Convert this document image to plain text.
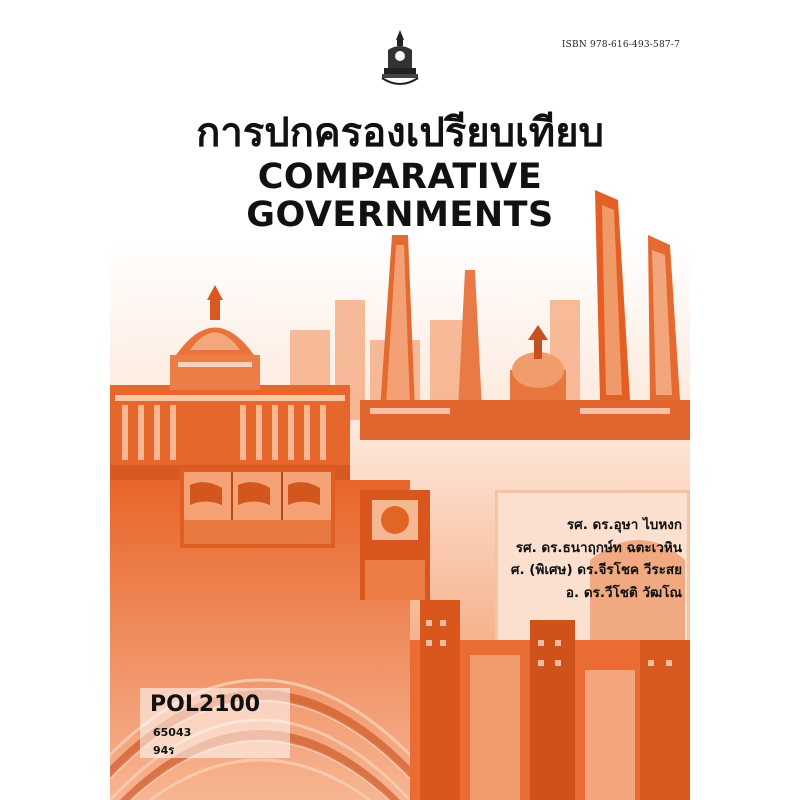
ISBN 978-616-493-587-7
การปกครองเปรียบเทียบ
COMPARATIVE
GOVERNMENTS
รศ. ดร.อุษา ไบหงก
รศ. ดร.ธนาฤกษ์ท ฉตะเวหิน
ศ. (พิเศษ) ดร.จีรโชค วีระสย
อ. ดร.วีโชติ วัฒโณ
POL2100
65043
94ร
